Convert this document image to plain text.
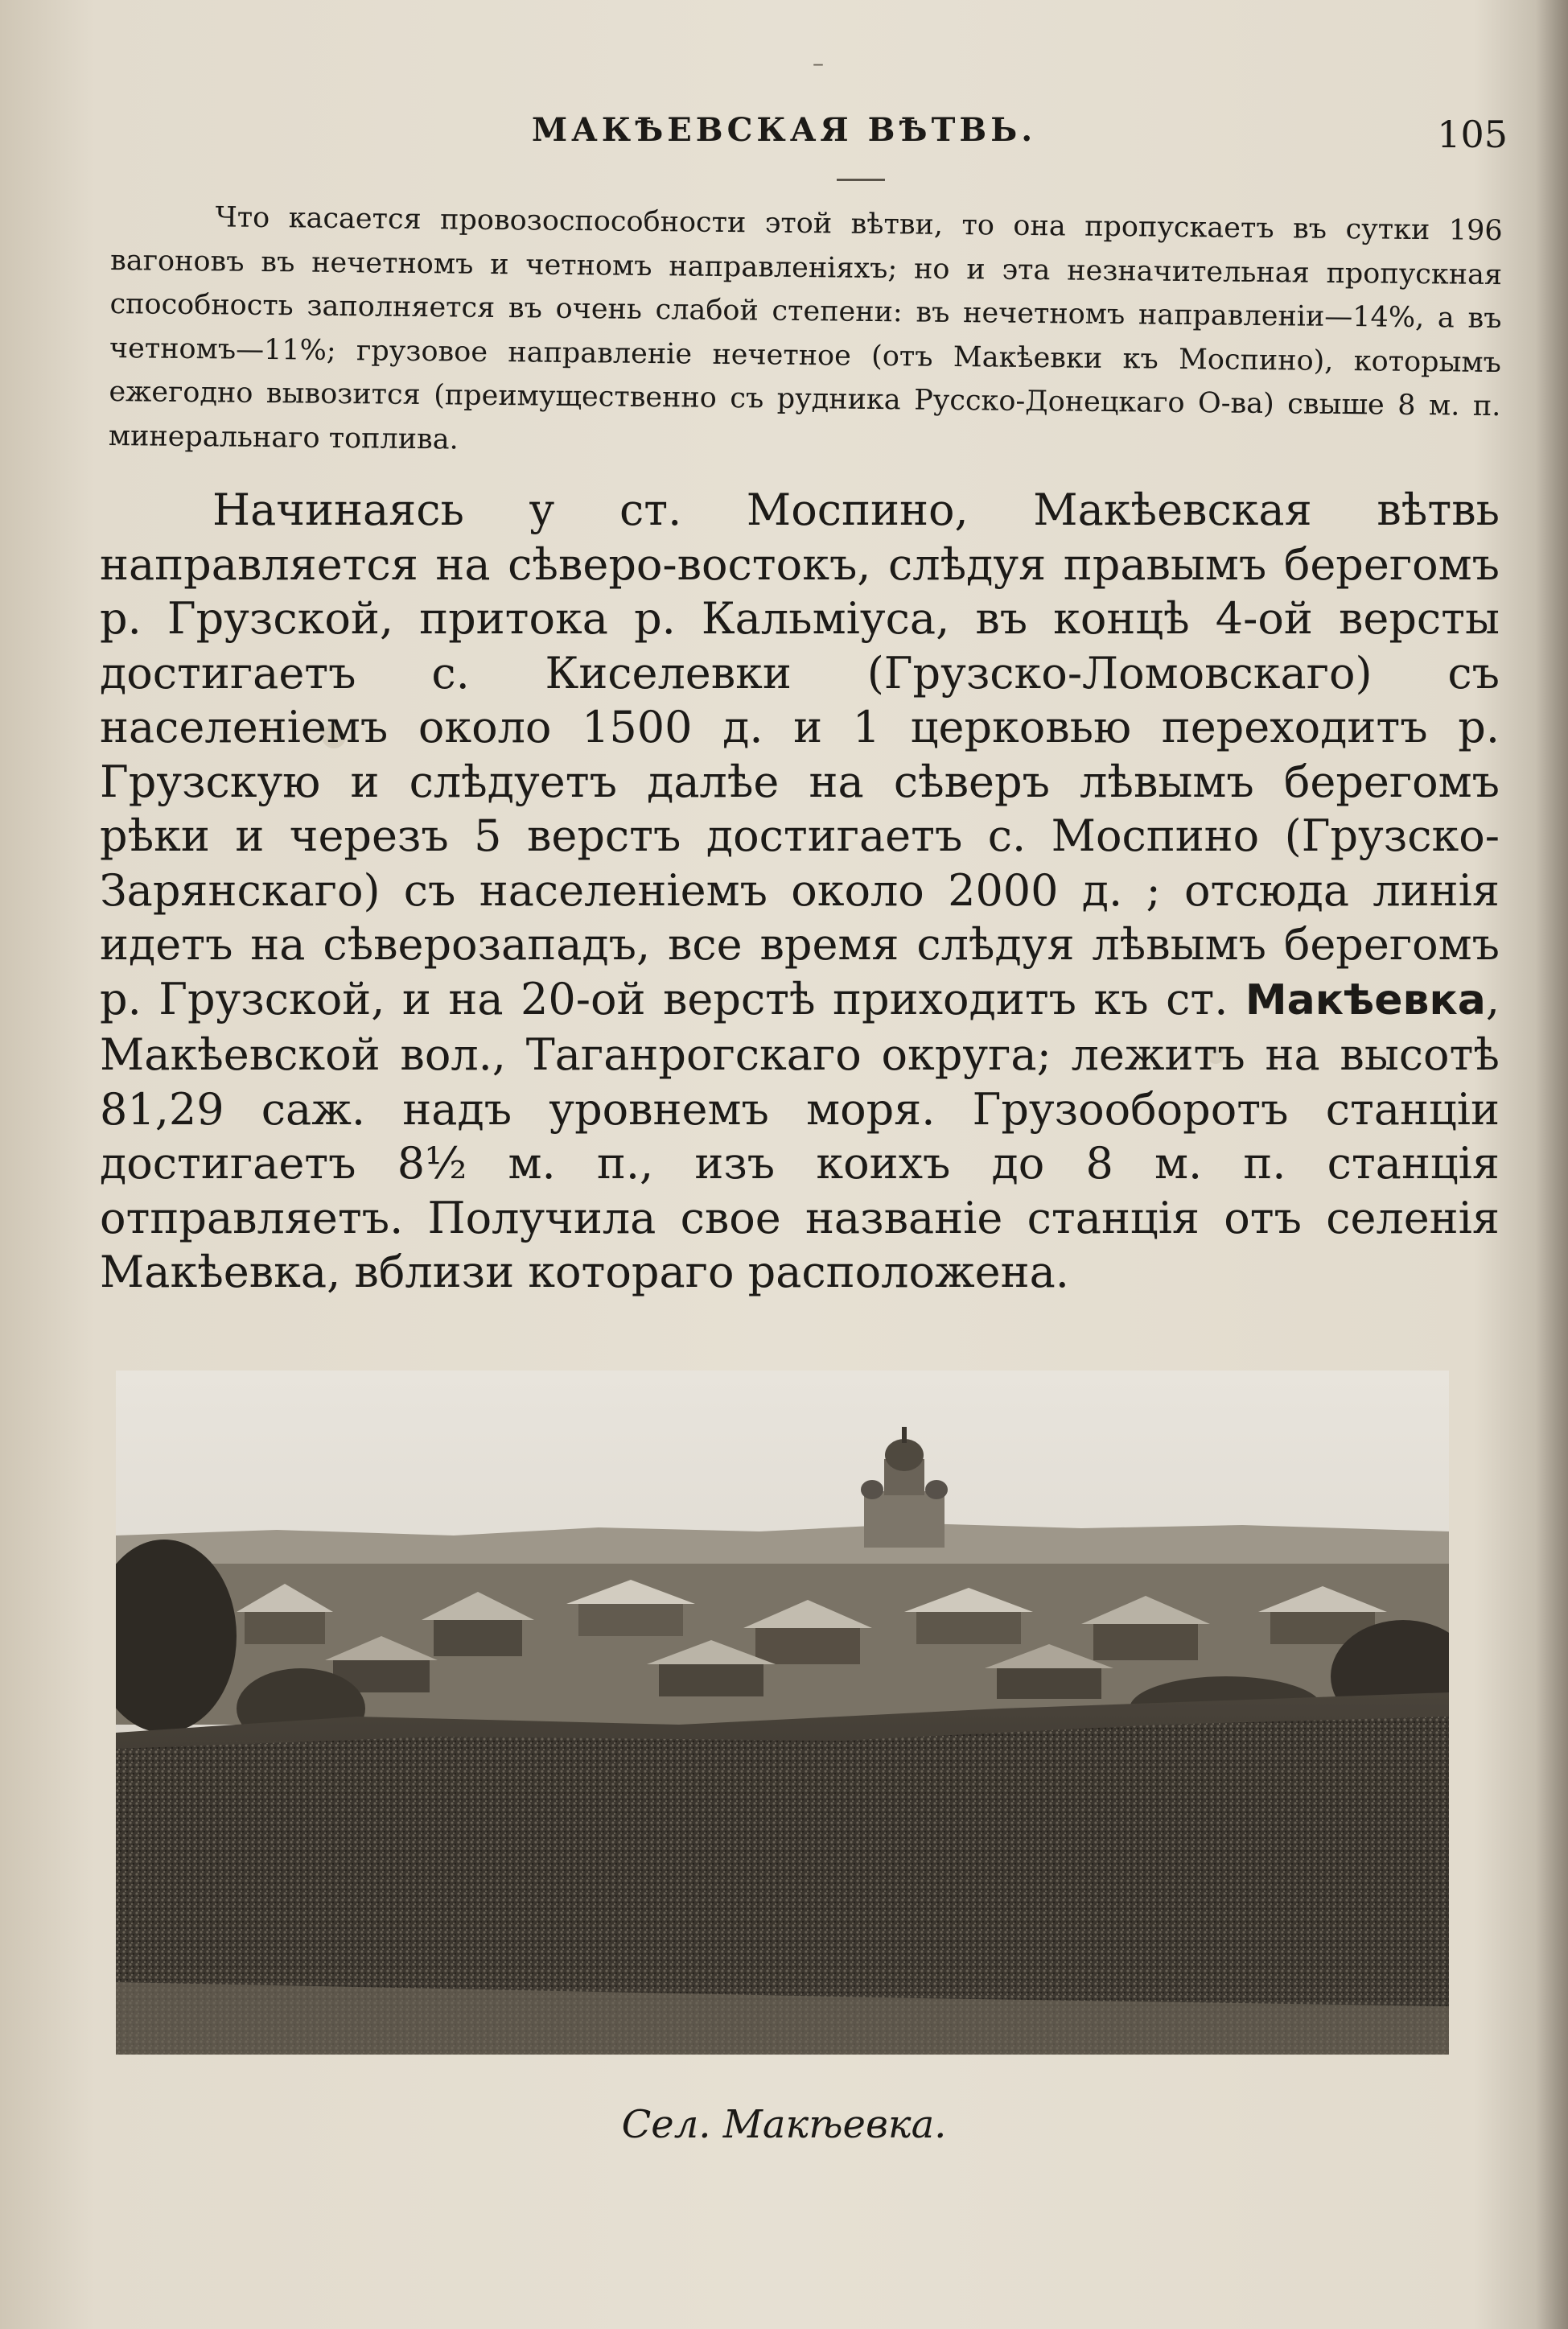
–
МАКѢЕВСКАЯ ВѢТВЬ.	105

Что касается провозоспособности этой вѣтви, то она пропускаетъ въ сутки 196 вагоновъ въ нечетномъ и четномъ направленіяхъ; но и эта незначительная пропускная способность заполняется въ очень слабой степени: въ нечетномъ направленіи—14%, а въ четномъ—11%; грузовое направленіе нечетное (отъ Макѣевки къ Моспино), которымъ ежегодно вывозится (преимущественно съ рудника Русско-Донецкаго О-ва) свыше 8 м. п. минеральнаго топлива.

Начинаясь у ст. Моспино, Макѣевская вѣтвь направляется на сѣверо-востокъ, слѣдуя правымъ берегомъ р. Грузской, притока р. Кальміуса, въ концѣ 4-ой версты достигаетъ с. Киселевки (Грузско-Ломовскаго) съ населеніемъ около 1500 д. и 1 церковью переходитъ р. Грузскую и слѣдуетъ далѣе на сѣверъ лѣвымъ берегомъ рѣки и черезъ 5 верстъ достигаетъ с. Моспино (Грузско-Зарянскаго) съ населеніемъ около 2000 д. ; отсюда линія идетъ на сѣверозападъ, все время слѣдуя лѣвымъ берегомъ р. Грузской, и на 20-ой верстѣ приходитъ къ ст. Макѣевка, Макѣевской вол., Таганрогскаго округа; лежитъ на высотѣ 81,29 саж. надъ уровнемъ моря. Грузооборотъ станціи достигаетъ 8½ м. п., изъ коихъ до 8 м. п. станція отправляетъ. Получила свое названіе станція отъ селенія Макѣевка, вблизи котораго расположена.

Сел. Макѣевка.
